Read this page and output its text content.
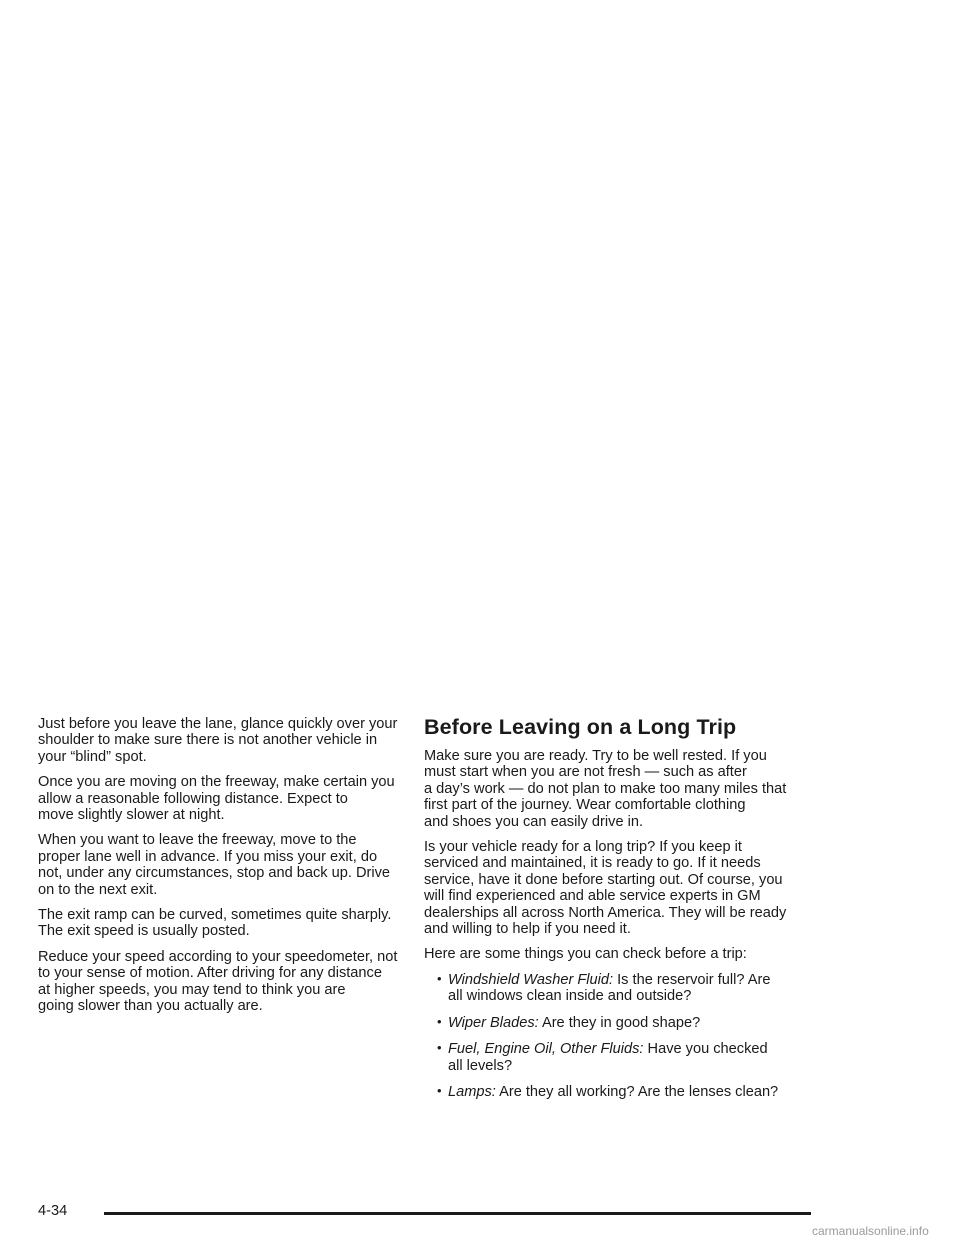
Just before you leave the lane, glance quickly over your
shoulder to make sure there is not another vehicle in
your “blind” spot.

Once you are moving on the freeway, make certain you
allow a reasonable following distance. Expect to
move slightly slower at night.

When you want to leave the freeway, move to the
proper lane well in advance. If you miss your exit, do
not, under any circumstances, stop and back up. Drive
on to the next exit.

The exit ramp can be curved, sometimes quite sharply.
The exit speed is usually posted.

Reduce your speed according to your speedometer, not
to your sense of motion. After driving for any distance
at higher speeds, you may tend to think you are
going slower than you actually are.

Before Leaving on a Long Trip

Make sure you are ready. Try to be well rested. If you
must start when you are not fresh — such as after
a day’s work — do not plan to make too many miles that
first part of the journey. Wear comfortable clothing
and shoes you can easily drive in.

Is your vehicle ready for a long trip? If you keep it
serviced and maintained, it is ready to go. If it needs
service, have it done before starting out. Of course, you
will find experienced and able service experts in GM
dealerships all across North America. They will be ready
and willing to help if you need it.

Here are some things you can check before a trip:

• Windshield Washer Fluid: Is the reservoir full? Are
all windows clean inside and outside?
• Wiper Blades: Are they in good shape?
• Fuel, Engine Oil, Other Fluids: Have you checked
all levels?
• Lamps: Are they all working? Are the lenses clean?
4-34
carmanualsonline.info
